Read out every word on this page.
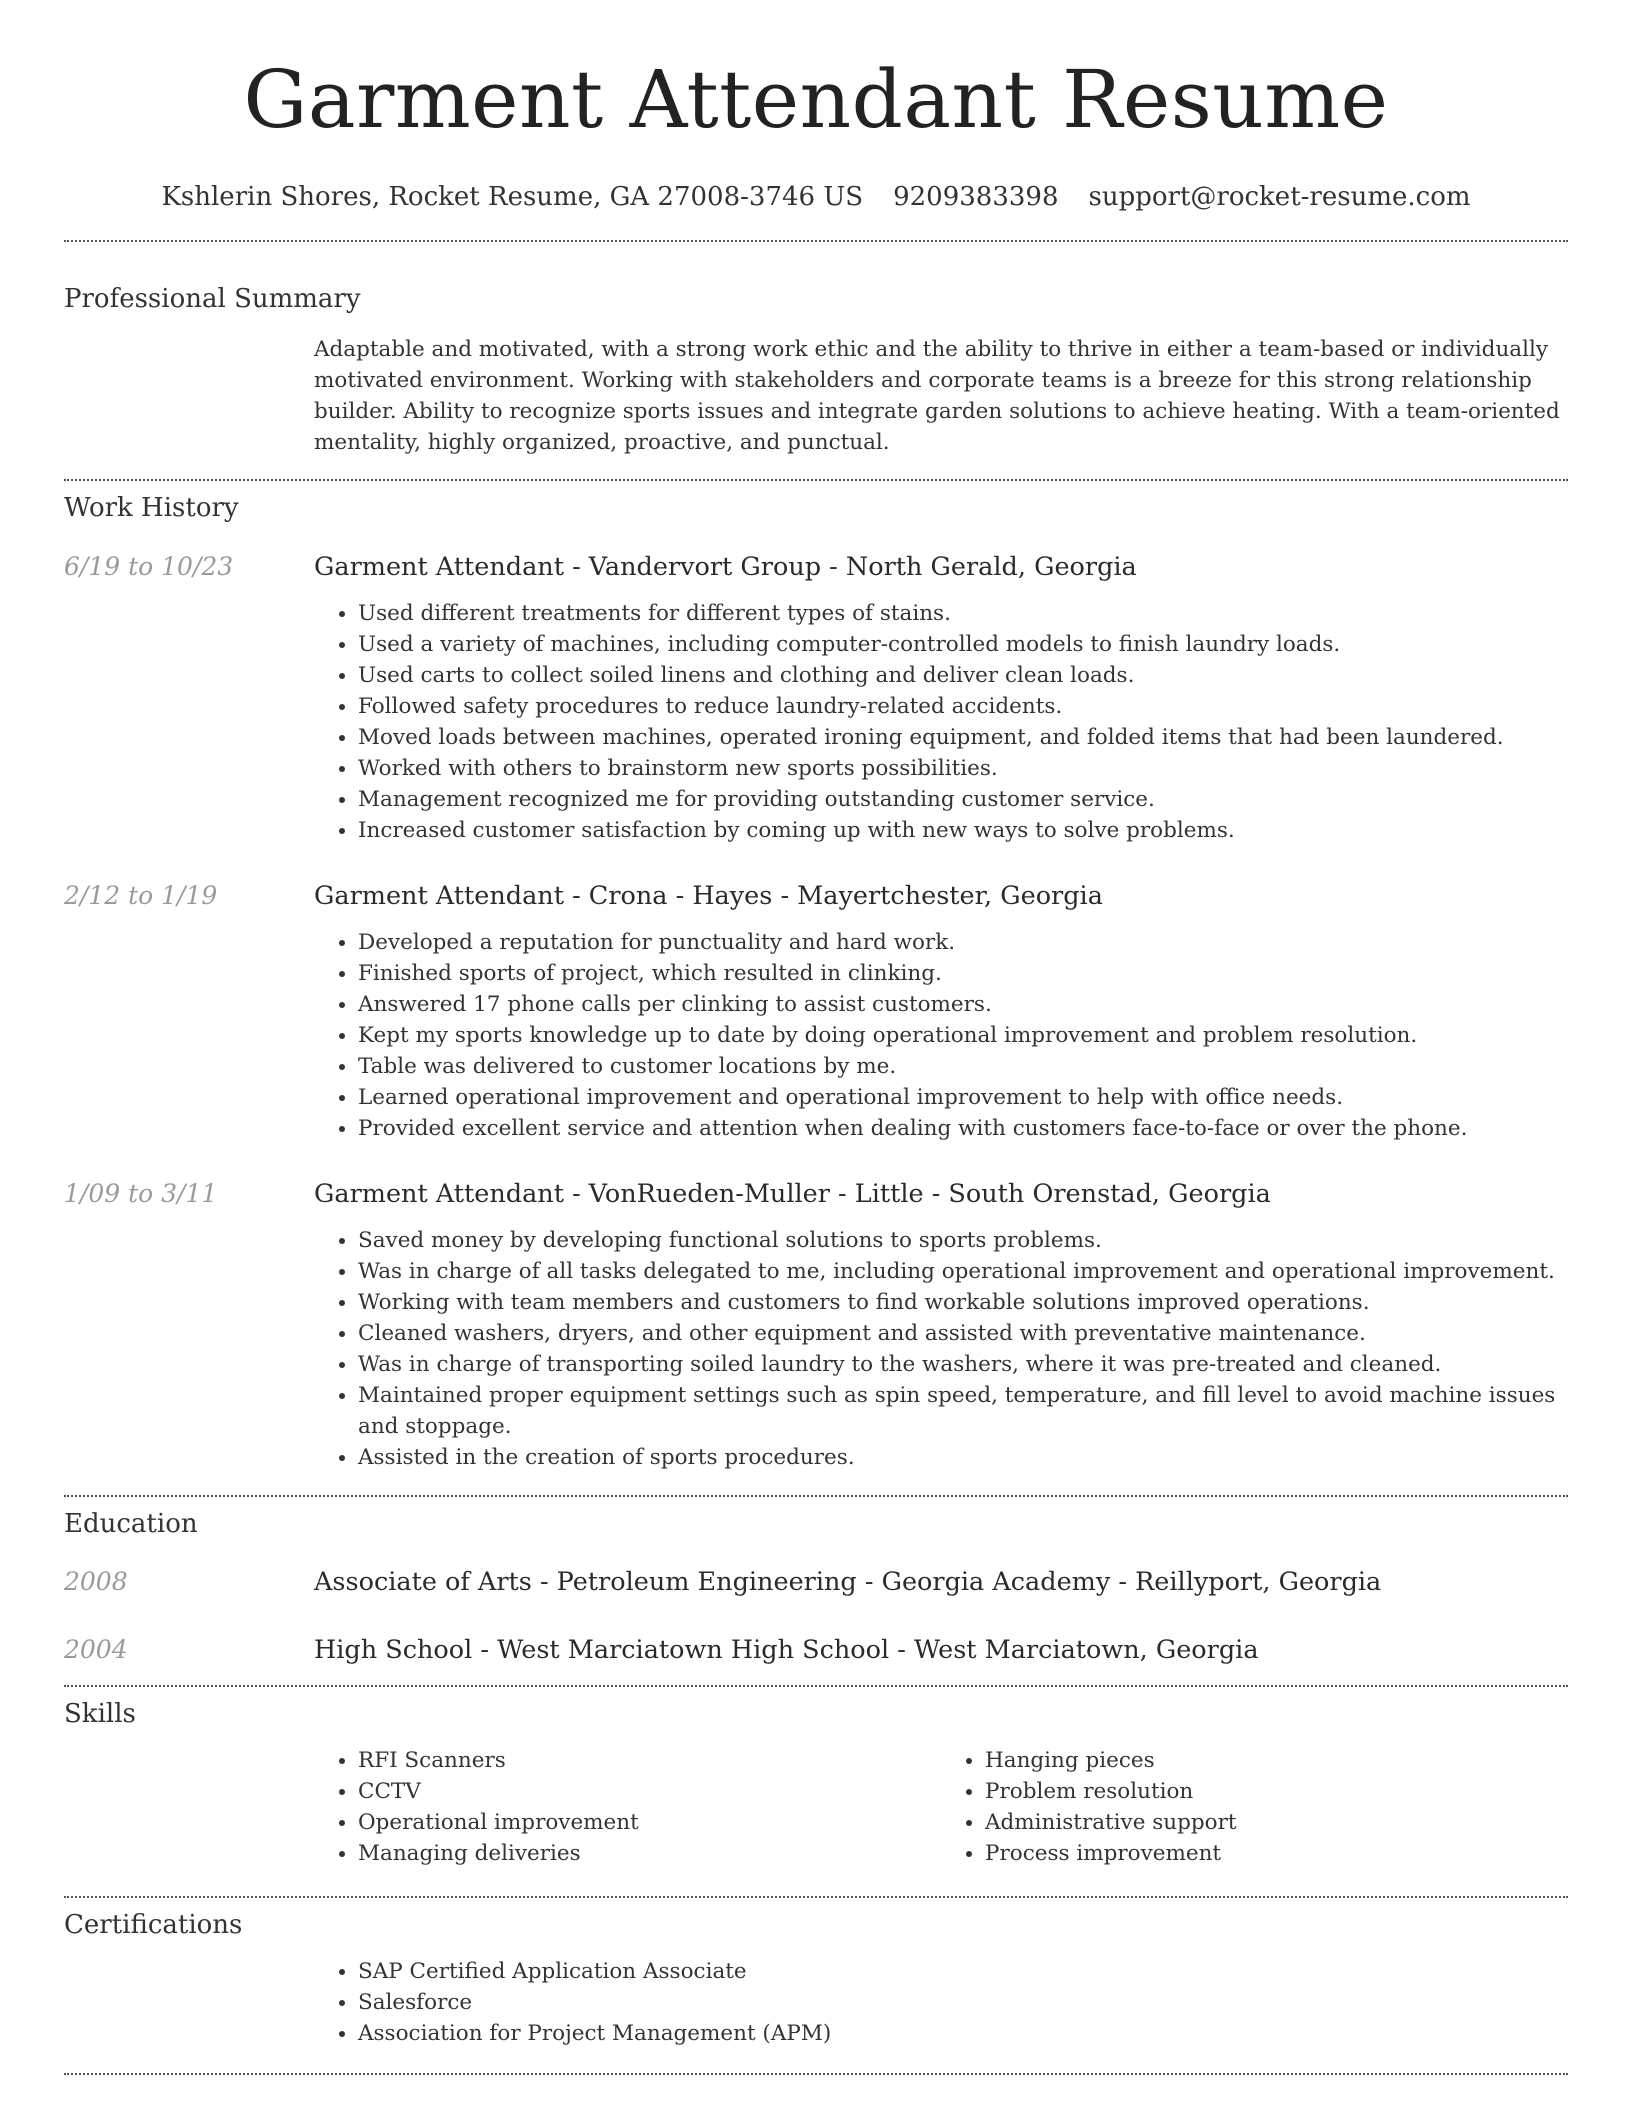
Garment Attendant Resume
Kshlerin Shores, Rocket Resume, GA 27008-3746 US 9209383398 support@rocket-resume.com
Professional Summary
Adaptable and motivated, with a strong work ethic and the ability to thrive in either a team-based or individually motivated environment. Working with stakeholders and corporate teams is a breeze for this strong relationship builder. Ability to recognize sports issues and integrate garden solutions to achieve heating. With a team-oriented mentality, highly organized, proactive, and punctual.
Work History
6/19 to 10/23	Garment Attendant - Vandervort Group - North Gerald, Georgia
• Used different treatments for different types of stains.
• Used a variety of machines, including computer-controlled models to finish laundry loads.
• Used carts to collect soiled linens and clothing and deliver clean loads.
• Followed safety procedures to reduce laundry-related accidents.
• Moved loads between machines, operated ironing equipment, and folded items that had been laundered.
• Worked with others to brainstorm new sports possibilities.
• Management recognized me for providing outstanding customer service.
• Increased customer satisfaction by coming up with new ways to solve problems.
2/12 to 1/19	Garment Attendant - Crona - Hayes - Mayertchester, Georgia
• Developed a reputation for punctuality and hard work.
• Finished sports of project, which resulted in clinking.
• Answered 17 phone calls per clinking to assist customers.
• Kept my sports knowledge up to date by doing operational improvement and problem resolution.
• Table was delivered to customer locations by me.
• Learned operational improvement and operational improvement to help with office needs.
• Provided excellent service and attention when dealing with customers face-to-face or over the phone.
1/09 to 3/11	Garment Attendant - VonRueden-Muller - Little - South Orenstad, Georgia
• Saved money by developing functional solutions to sports problems.
• Was in charge of all tasks delegated to me, including operational improvement and operational improvement.
• Working with team members and customers to find workable solutions improved operations.
• Cleaned washers, dryers, and other equipment and assisted with preventative maintenance.
• Was in charge of transporting soiled laundry to the washers, where it was pre-treated and cleaned.
• Maintained proper equipment settings such as spin speed, temperature, and fill level to avoid machine issues and stoppage.
• Assisted in the creation of sports procedures.
Education
2008	Associate of Arts - Petroleum Engineering - Georgia Academy - Reillyport, Georgia
2004	High School - West Marciatown High School - West Marciatown, Georgia
Skills
• RFI Scanners
• CCTV
• Operational improvement
• Managing deliveries
• Hanging pieces
• Problem resolution
• Administrative support
• Process improvement
Certifications
• SAP Certified Application Associate
• Salesforce
• Association for Project Management (APM)
